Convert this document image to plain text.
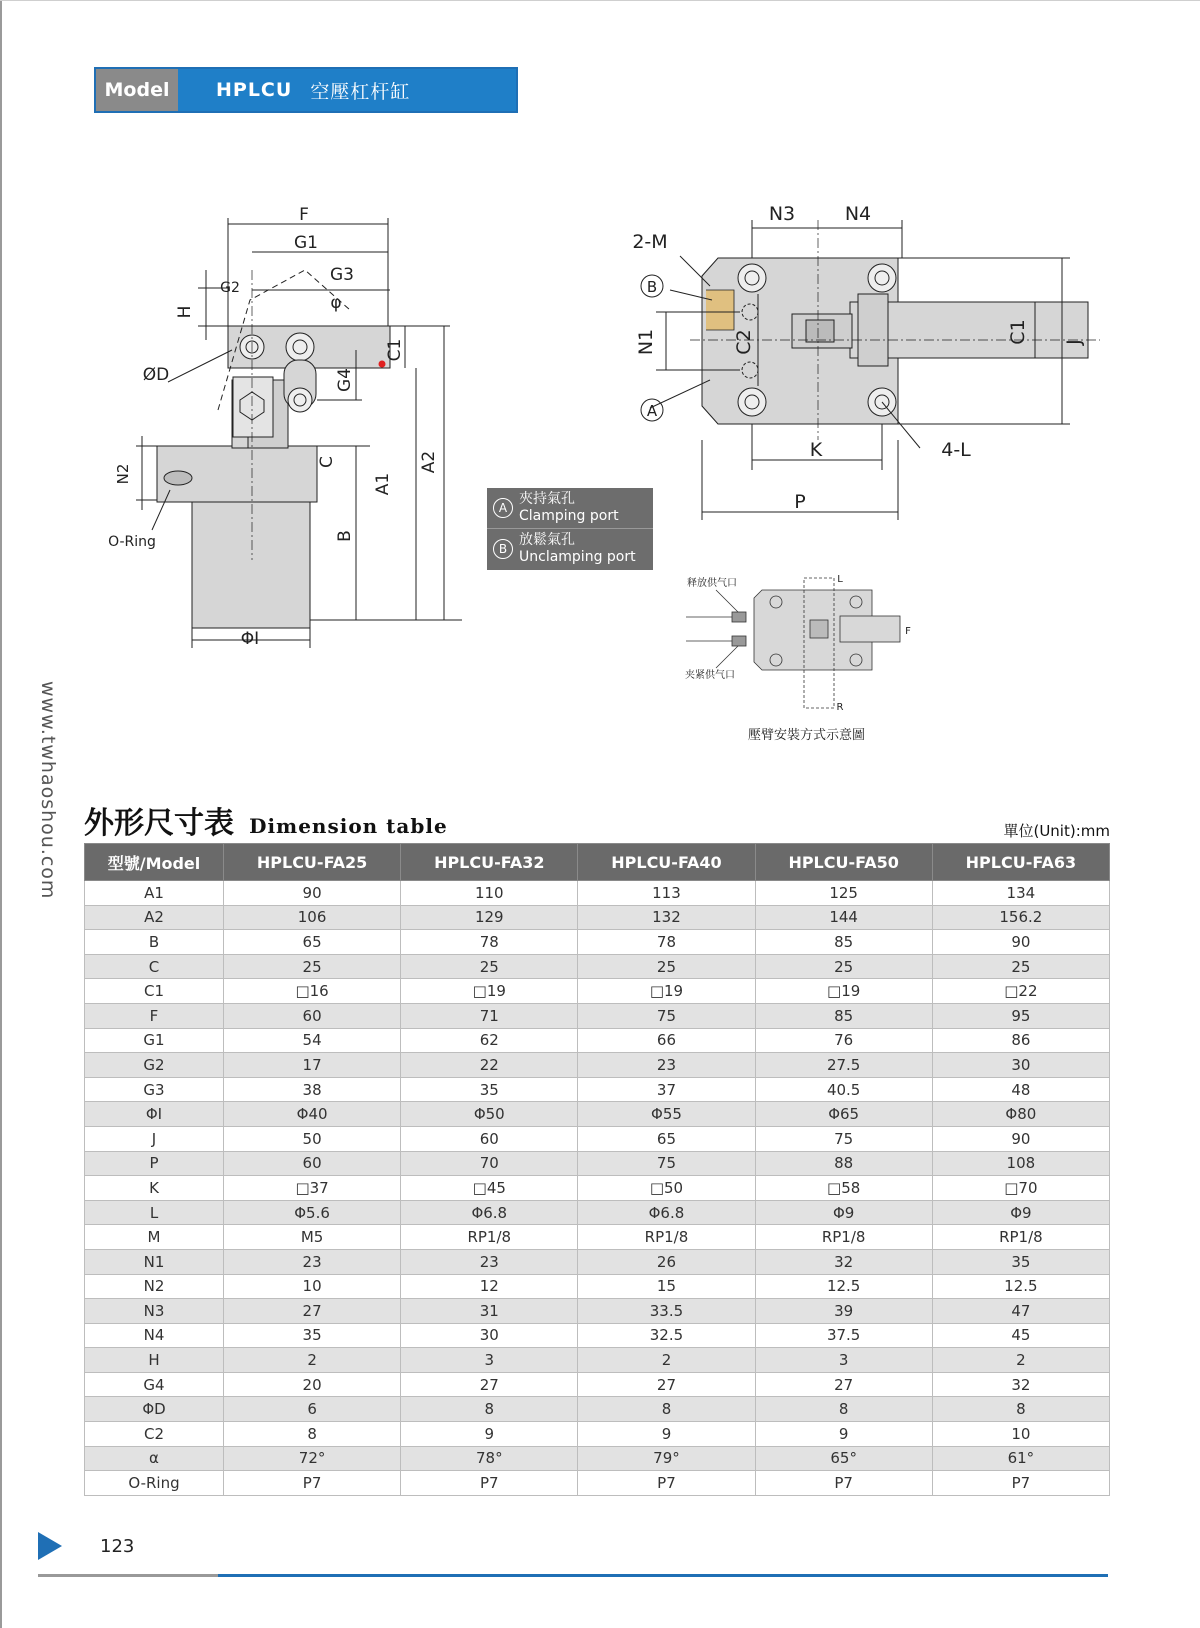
Model	HPLCU 空壓杠杆缸
www.twhaoshou.com
F
G1
G2
G3
H	φ
C1
G4
ØD
N2
C
A1
A2
B
O-Ring
ΦI
N3	N4
2-M
B
A
N1	C2	C1 J
K	4-L
P
A
夾持氣孔
Clamping port
B
放鬆氣孔
Unclamping port
释放供气口
夹紧供气口
L
F
R
壓臂安裝方式示意圖
外形尺寸表 Dimension table	單位(Unit):mm
型號/Model	HPLCU-FA25	HPLCU-FA32	HPLCU-FA40	HPLCU-FA50	HPLCU-FA63
A1	90	110	113	125	134
A2	106	129	132	144	156.2
B	65	78	78	85	90
C	25	25	25	25	25
C1	□16	□19	□19	□19	□22
F	60	71	75	85	95
G1	54	62	66	76	86
G2	17	22	23	27.5	30
G3	38	35	37	40.5	48
ΦI	Φ40	Φ50	Φ55	Φ65	Φ80
J	50	60	65	75	90
P	60	70	75	88	108
K	□37	□45	□50	□58	□70
L	Φ5.6	Φ6.8	Φ6.8	Φ9	Φ9
M	M5	RP1/8	RP1/8	RP1/8	RP1/8
N1	23	23	26	32	35
N2	10	12	15	12.5	12.5
N3	27	31	33.5	39	47
N4	35	30	32.5	37.5	45
H	2	3	2	3	2
G4	20	27	27	27	32
ΦD	6	8	8	8	8
C2	8	9	9	9	10
α	72°	78°	79°	65°	61°
O-Ring	P7	P7	P7	P7	P7
123
